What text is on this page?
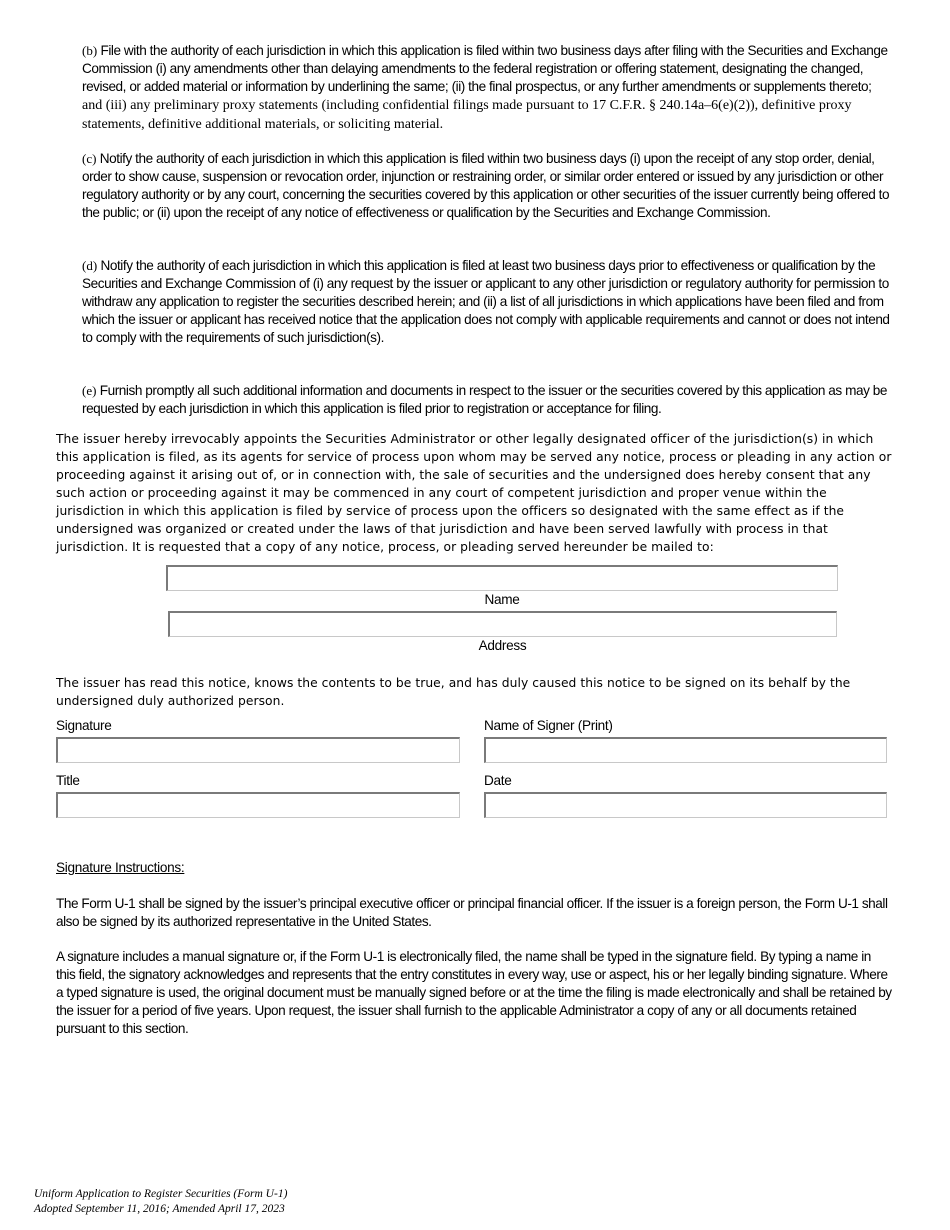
(b) File with the authority of each jurisdiction in which this application is filed within two business days after filing with the Securities and Exchange Commission (i) any amendments other than delaying amendments to the federal registration or offering statement, designating the changed, revised, or added material or information by underlining the same; (ii) the final prospectus, or any further amendments or supplements thereto; and (iii) any preliminary proxy statements (including confidential filings made pursuant to 17 C.F.R. § 240.14a–6(e)(2)), definitive proxy statements, definitive additional materials, or soliciting material.
(c) Notify the authority of each jurisdiction in which this application is filed within two business days (i) upon the receipt of any stop order, denial, order to show cause, suspension or revocation order, injunction or restraining order, or similar order entered or issued by any jurisdiction or other regulatory authority or by any court, concerning the securities covered by this application or other securities of the issuer currently being offered to the public; or (ii) upon the receipt of any notice of effectiveness or qualification by the Securities and Exchange Commission.
(d) Notify the authority of each jurisdiction in which this application is filed at least two business days prior to effectiveness or qualification by the Securities and Exchange Commission of (i) any request by the issuer or applicant to any other jurisdiction or regulatory authority for permission to withdraw any application to register the securities described herein; and (ii) a list of all jurisdictions in which applications have been filed and from which the issuer or applicant has received notice that the application does not comply with applicable requirements and cannot or does not intend to comply with the requirements of such jurisdiction(s).
(e) Furnish promptly all such additional information and documents in respect to the issuer or the securities covered by this application as may be requested by each jurisdiction in which this application is filed prior to registration or acceptance for filing.
The issuer hereby irrevocably appoints the Securities Administrator or other legally designated officer of the jurisdiction(s) in which this application is filed, as its agents for service of process upon whom may be served any notice, process or pleading in any action or proceeding against it arising out of, or in connection with, the sale of securities and the undersigned does hereby consent that any such action or proceeding against it may be commenced in any court of competent jurisdiction and proper venue within the jurisdiction in which this application is filed by service of process upon the officers so designated with the same effect as if the undersigned was organized or created under the laws of that jurisdiction and have been served lawfully with process in that jurisdiction. It is requested that a copy of any notice, process, or pleading served hereunder be mailed to:
Name
Address
The issuer has read this notice, knows the contents to be true, and has duly caused this notice to be signed on its behalf by the undersigned duly authorized person.
Signature	Name of Signer (Print)
Title	Date
Signature Instructions:
The Form U-1 shall be signed by the issuer’s principal executive officer or principal financial officer. If the issuer is a foreign person, the Form U-1 shall also be signed by its authorized representative in the United States.
A signature includes a manual signature or, if the Form U-1 is electronically filed, the name shall be typed in the signature field. By typing a name in this field, the signatory acknowledges and represents that the entry constitutes in every way, use or aspect, his or her legally binding signature. Where a typed signature is used, the original document must be manually signed before or at the time the filing is made electronically and shall be retained by the issuer for a period of five years. Upon request, the issuer shall furnish to the applicable Administrator a copy of any or all documents retained pursuant to this section.
Uniform Application to Register Securities (Form U-1)
Adopted September 11, 2016; Amended April 17, 2023
